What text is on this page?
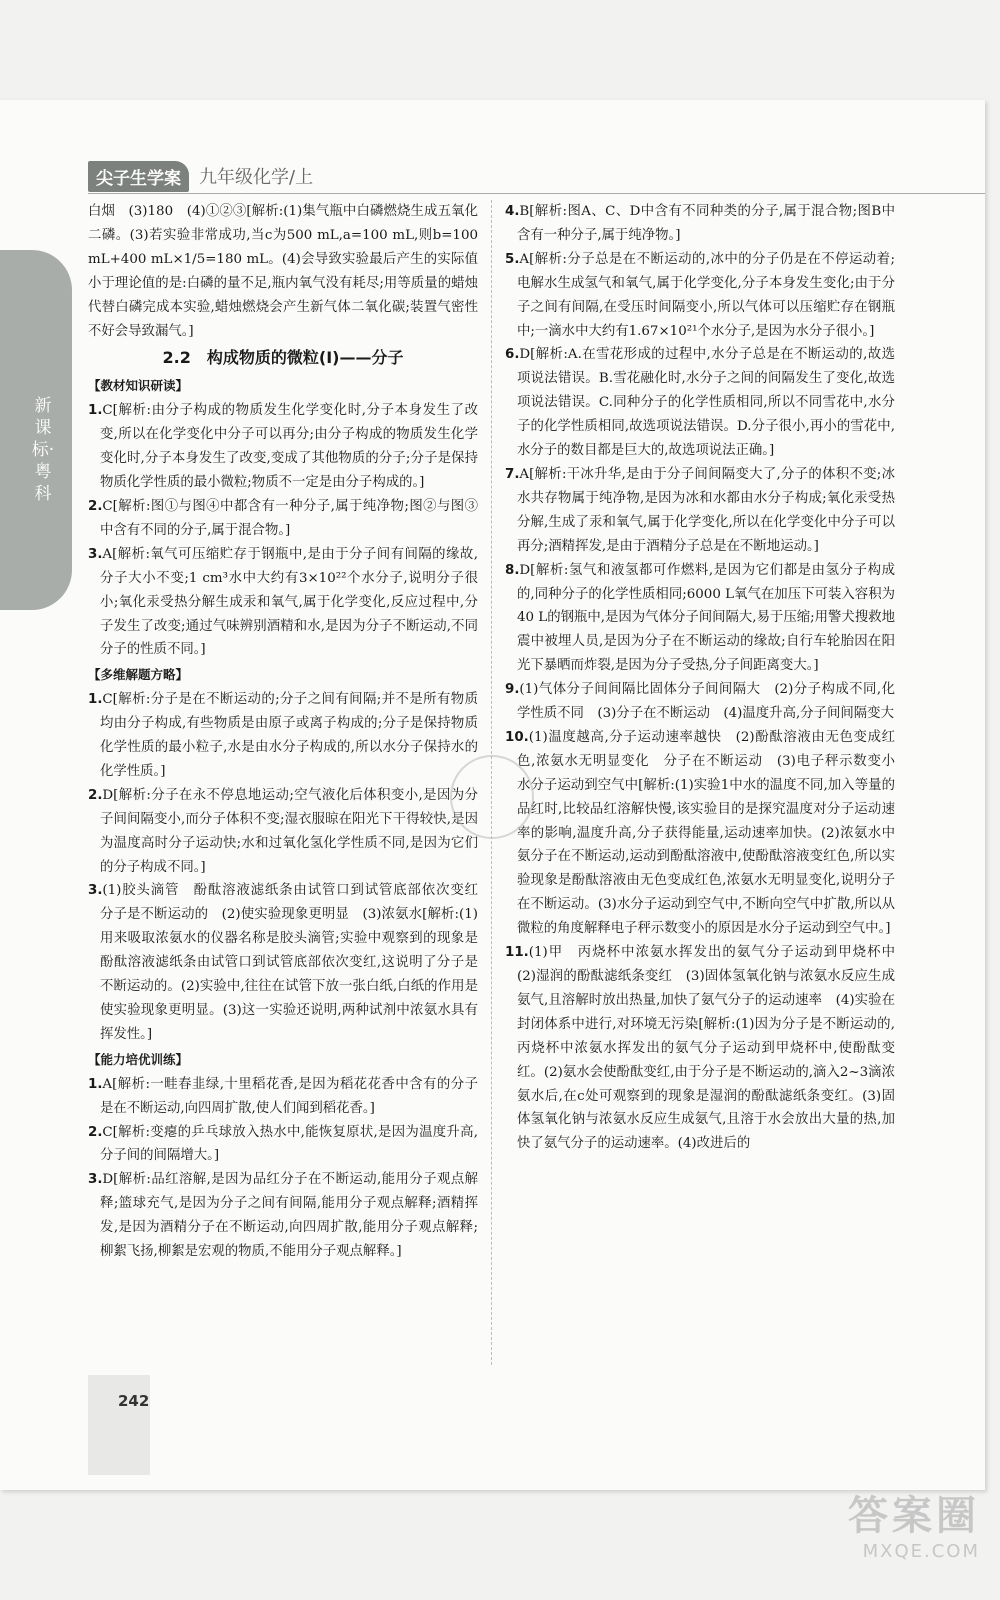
新课标·粤科
尖子生学案	九年级化学/上

白烟　(3)180　(4)①②③[解析:(1)集气瓶中白磷燃烧生成五氧化二磷。(3)若实验非常成功,当c为500 mL,a=100 mL,则b=100 mL+400 mL×1/5=180 mL。(4)会导致实验最后产生的实际值小于理论值的是:白磷的量不足,瓶内氧气没有耗尽;用等质量的蜡烛代替白磷完成本实验,蜡烛燃烧会产生新气体二氧化碳;装置气密性不好会导致漏气。]

2.2　构成物质的微粒(Ⅰ)——分子
【教材知识研读】

1.C[解析:由分子构成的物质发生化学变化时,分子本身发生了改变,所以在化学变化中分子可以再分;由分子构成的物质发生化学变化时,分子本身发生了改变,变成了其他物质的分子;分子是保持物质化学性质的最小微粒;物质不一定是由分子构成的。]

2.C[解析:图①与图④中都含有一种分子,属于纯净物;图②与图③中含有不同的分子,属于混合物。]

3.A[解析:氧气可压缩贮存于钢瓶中,是由于分子间有间隔的缘故,分子大小不变;1 cm³水中大约有3×10²²个水分子,说明分子很小;氧化汞受热分解生成汞和氧气,属于化学变化,反应过程中,分子发生了改变;通过气味辨别酒精和水,是因为分子不断运动,不同分子的性质不同。]

【多维解题方略】

1.C[解析:分子是在不断运动的;分子之间有间隔;并不是所有物质均由分子构成,有些物质是由原子或离子构成的;分子是保持物质化学性质的最小粒子,水是由水分子构成的,所以水分子保持水的化学性质。]

2.D[解析:分子在永不停息地运动;空气液化后体积变小,是因为分子间间隔变小,而分子体积不变;湿衣服晾在阳光下干得较快,是因为温度高时分子运动快;水和过氧化氢化学性质不同,是因为它们的分子构成不同。]

3.(1)胶头滴管　酚酞溶液滤纸条由试管口到试管底部依次变红　分子是不断运动的　(2)使实验现象更明显　(3)浓氨水[解析:(1)用来吸取浓氨水的仪器名称是胶头滴管;实验中观察到的现象是酚酞溶液滤纸条由试管口到试管底部依次变红,这说明了分子是不断运动的。(2)实验中,往往在试管下放一张白纸,白纸的作用是使实验现象更明显。(3)这一实验还说明,两种试剂中浓氨水具有挥发性。]

【能力培优训练】

1.A[解析:一畦春韭绿,十里稻花香,是因为稻花花香中含有的分子是在不断运动,向四周扩散,使人们闻到稻花香。]

2.C[解析:变瘪的乒乓球放入热水中,能恢复原状,是因为温度升高,分子间的间隔增大。]

3.D[解析:品红溶解,是因为品红分子在不断运动,能用分子观点解释;篮球充气,是因为分子之间有间隔,能用分子观点解释;酒精挥发,是因为酒精分子在不断运动,向四周扩散,能用分子观点解释;柳絮飞扬,柳絮是宏观的物质,不能用分子观点解释。]

4.B[解析:图A、C、D中含有不同种类的分子,属于混合物;图B中含有一种分子,属于纯净物。]

5.A[解析:分子总是在不断运动的,冰中的分子仍是在不停运动着;电解水生成氢气和氧气,属于化学变化,分子本身发生变化;由于分子之间有间隔,在受压时间隔变小,所以气体可以压缩贮存在钢瓶中;一滴水中大约有1.67×10²¹个水分子,是因为水分子很小。]

6.D[解析:A.在雪花形成的过程中,水分子总是在不断运动的,故选项说法错误。B.雪花融化时,水分子之间的间隔发生了变化,故选项说法错误。C.同种分子的化学性质相同,所以不同雪花中,水分子的化学性质相同,故选项说法错误。D.分子很小,再小的雪花中,水分子的数目都是巨大的,故选项说法正确。]

7.A[解析:干冰升华,是由于分子间间隔变大了,分子的体积不变;冰水共存物属于纯净物,是因为冰和水都由水分子构成;氧化汞受热分解,生成了汞和氧气,属于化学变化,所以在化学变化中分子可以再分;酒精挥发,是由于酒精分子总是在不断地运动。]

8.D[解析:氢气和液氢都可作燃料,是因为它们都是由氢分子构成的,同种分子的化学性质相同;6000 L氧气在加压下可装入容积为40 L的钢瓶中,是因为气体分子间间隔大,易于压缩;用警犬搜救地震中被埋人员,是因为分子在不断运动的缘故;自行车轮胎因在阳光下暴晒而炸裂,是因为分子受热,分子间距离变大。]

9.(1)气体分子间间隔比固体分子间间隔大　(2)分子构成不同,化学性质不同　(3)分子在不断运动　(4)温度升高,分子间间隔变大

10.(1)温度越高,分子运动速率越快　(2)酚酞溶液由无色变成红色,浓氨水无明显变化　分子在不断运动　(3)电子秤示数变小　水分子运动到空气中[解析:(1)实验1中水的温度不同,加入等量的品红时,比较品红溶解快慢,该实验目的是探究温度对分子运动速率的影响,温度升高,分子获得能量,运动速率加快。(2)浓氨水中氨分子在不断运动,运动到酚酞溶液中,使酚酞溶液变红色,所以实验现象是酚酞溶液由无色变成红色,浓氨水无明显变化,说明分子在不断运动。(3)水分子运动到空气中,不断向空气中扩散,所以从微粒的角度解释电子秤示数变小的原因是水分子运动到空气中。]

11.(1)甲　丙烧杯中浓氨水挥发出的氨气分子运动到甲烧杯中　(2)湿润的酚酞滤纸条变红　(3)固体氢氧化钠与浓氨水反应生成氨气,且溶解时放出热量,加快了氨气分子的运动速率　(4)实验在封闭体系中进行,对环境无污染[解析:(1)因为分子是不断运动的,丙烧杯中浓氨水挥发出的氨气分子运动到甲烧杯中,使酚酞变红。(2)氨水会使酚酞变红,由于分子是不断运动的,滴入2~3滴浓氨水后,在c处可观察到的现象是湿润的酚酞滤纸条变红。(3)固体氢氧化钠与浓氨水反应生成氨气,且溶于水会放出大量的热,加快了氨气分子的运动速率。(4)改进后的

242
答案圈
MXQE.COM
